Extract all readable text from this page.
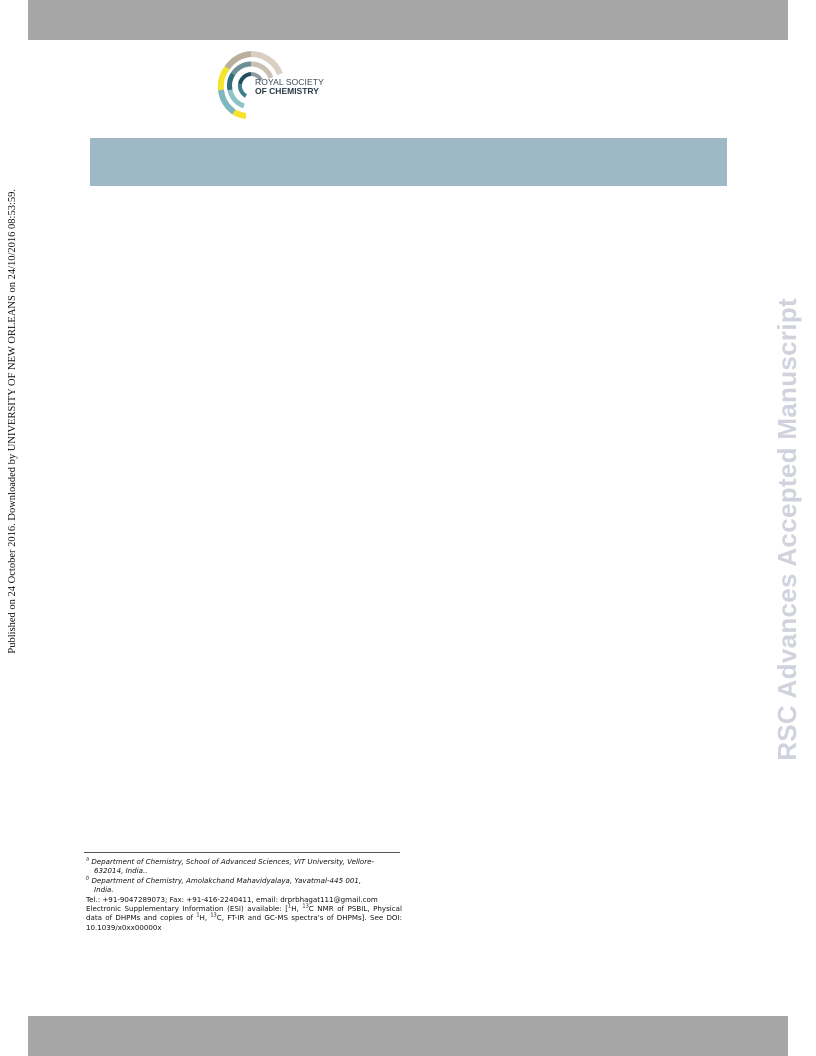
ROYAL SOCIETY
OF CHEMISTRY
Published on 24 October 2016. Downloaded by UNIVERSITY OF NEW ORLEANS on 24/10/2016 08:53:59.	RSC Advances Accepted Manuscript
$^a$ Department of Chemistry, School of Advanced Sciences, VIT University, Vellore-
632014, India..
$^b$ Department of Chemistry, Amolakchand Mahavidyalaya, Yavatmal-445 001,
India.
Tel.: +91-9047289073; Fax: +91-416-2240411, email: drprbhagat111@gmail.com
Electronic Supplementary Information (ESI) available: [$^1$H, $^{13}$C NMR of PSBIL, Physical data of DHPMs and copies of $^1$H, $^{13}$C, FT-IR and GC-MS spectra's of DHPMs]. See DOI: 10.1039/x0xx00000x
